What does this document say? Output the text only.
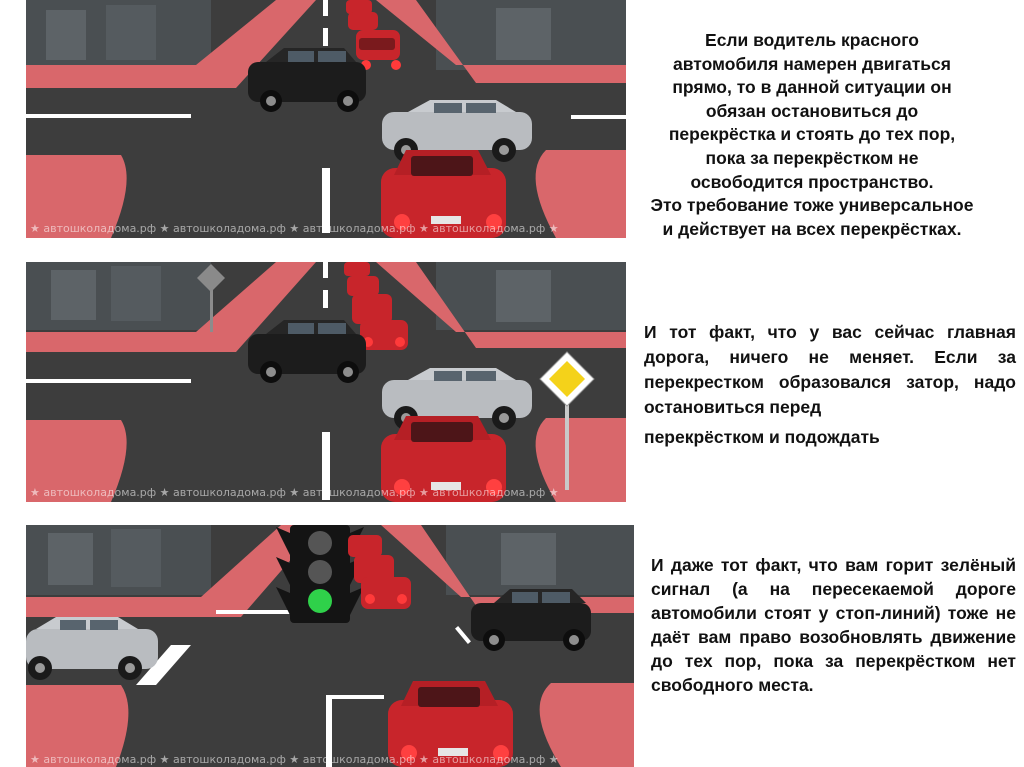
★ автошколадома.рф ★ автошколадома.рф ★ автошколадома.рф ★ автошколадома.рф ★
Если водитель красного
автомобиля намерен двигаться
прямо, то в данной ситуации он
обязан остановиться до
перекрёстка и стоять до тех пор,
пока за перекрёстком не
освободится пространство.
Это требование тоже универсальное
и действует на всех перекрёстках.
★ автошколадома.рф ★ автошколадома.рф ★ автошколадома.рф ★ автошколадома.рф ★
И тот факт, что у вас сейчас главная дорога, ничего не меняет. Если за перекрестком образовался затор, надо остановиться перед
перекрёстком и подождать
★ автошколадома.рф ★ автошколадома.рф ★ автошколадома.рф ★ автошколадома.рф ★
И даже тот факт, что вам горит зелёный сигнал (а на пересекаемой дороге автомобили стоят у стоп-линий) тоже не даёт вам право возобновлять движение до тех пор, пока за перекрёстком нет свободного места.
